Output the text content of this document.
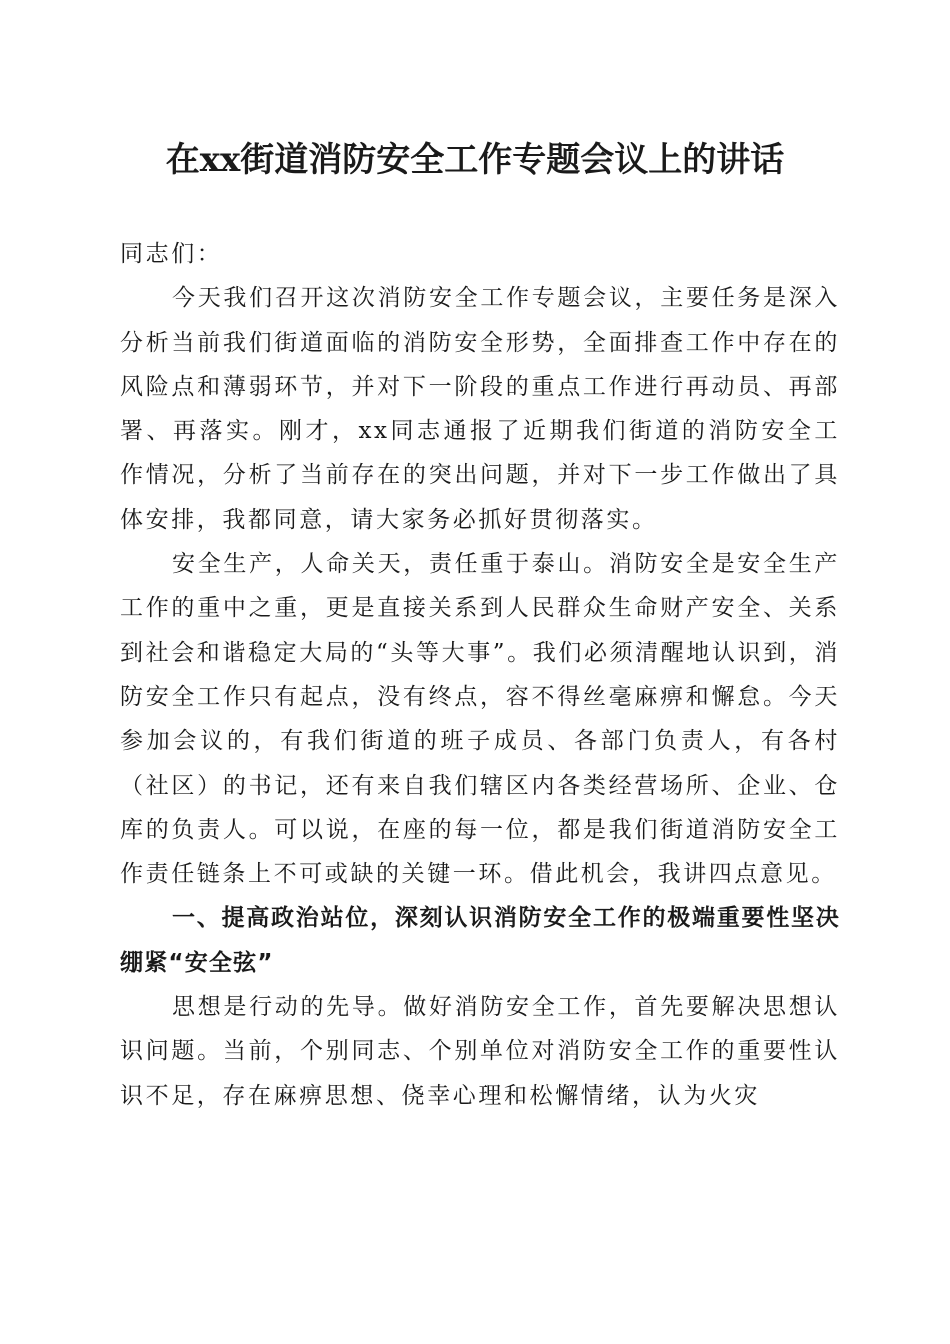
在xx街道消防安全工作专题会议上的讲话

同志们：

今天我们召开这次消防安全工作专题会议，主要任务是深入分析当前我们街道面临的消防安全形势，全面排查工作中存在的风险点和薄弱环节，并对下一阶段的重点工作进行再动员、再部署、再落实。刚才，xx同志通报了近期我们街道的消防安全工作情况，分析了当前存在的突出问题，并对下一步工作做出了具体安排，我都同意，请大家务必抓好贯彻落实。

安全生产，人命关天，责任重于泰山。消防安全是安全生产工作的重中之重，更是直接关系到人民群众生命财产安全、关系到社会和谐稳定大局的“头等大事”。我们必须清醒地认识到，消防安全工作只有起点，没有终点，容不得丝毫麻痹和懈怠。今天参加会议的，有我们街道的班子成员、各部门负责人，有各村（社区）的书记，还有来自我们辖区内各类经营场所、企业、仓库的负责人。可以说，在座的每一位，都是我们街道消防安全工作责任链条上不可或缺的关键一环。借此机会，我讲四点意见。

一、提高政治站位，深刻认识消防安全工作的极端重要性坚决绷紧“安全弦”

思想是行动的先导。做好消防安全工作，首先要解决思想认识问题。当前，个别同志、个别单位对消防安全工作的重要性认识不足，存在麻痹思想、侥幸心理和松懈情绪，认为火灾
